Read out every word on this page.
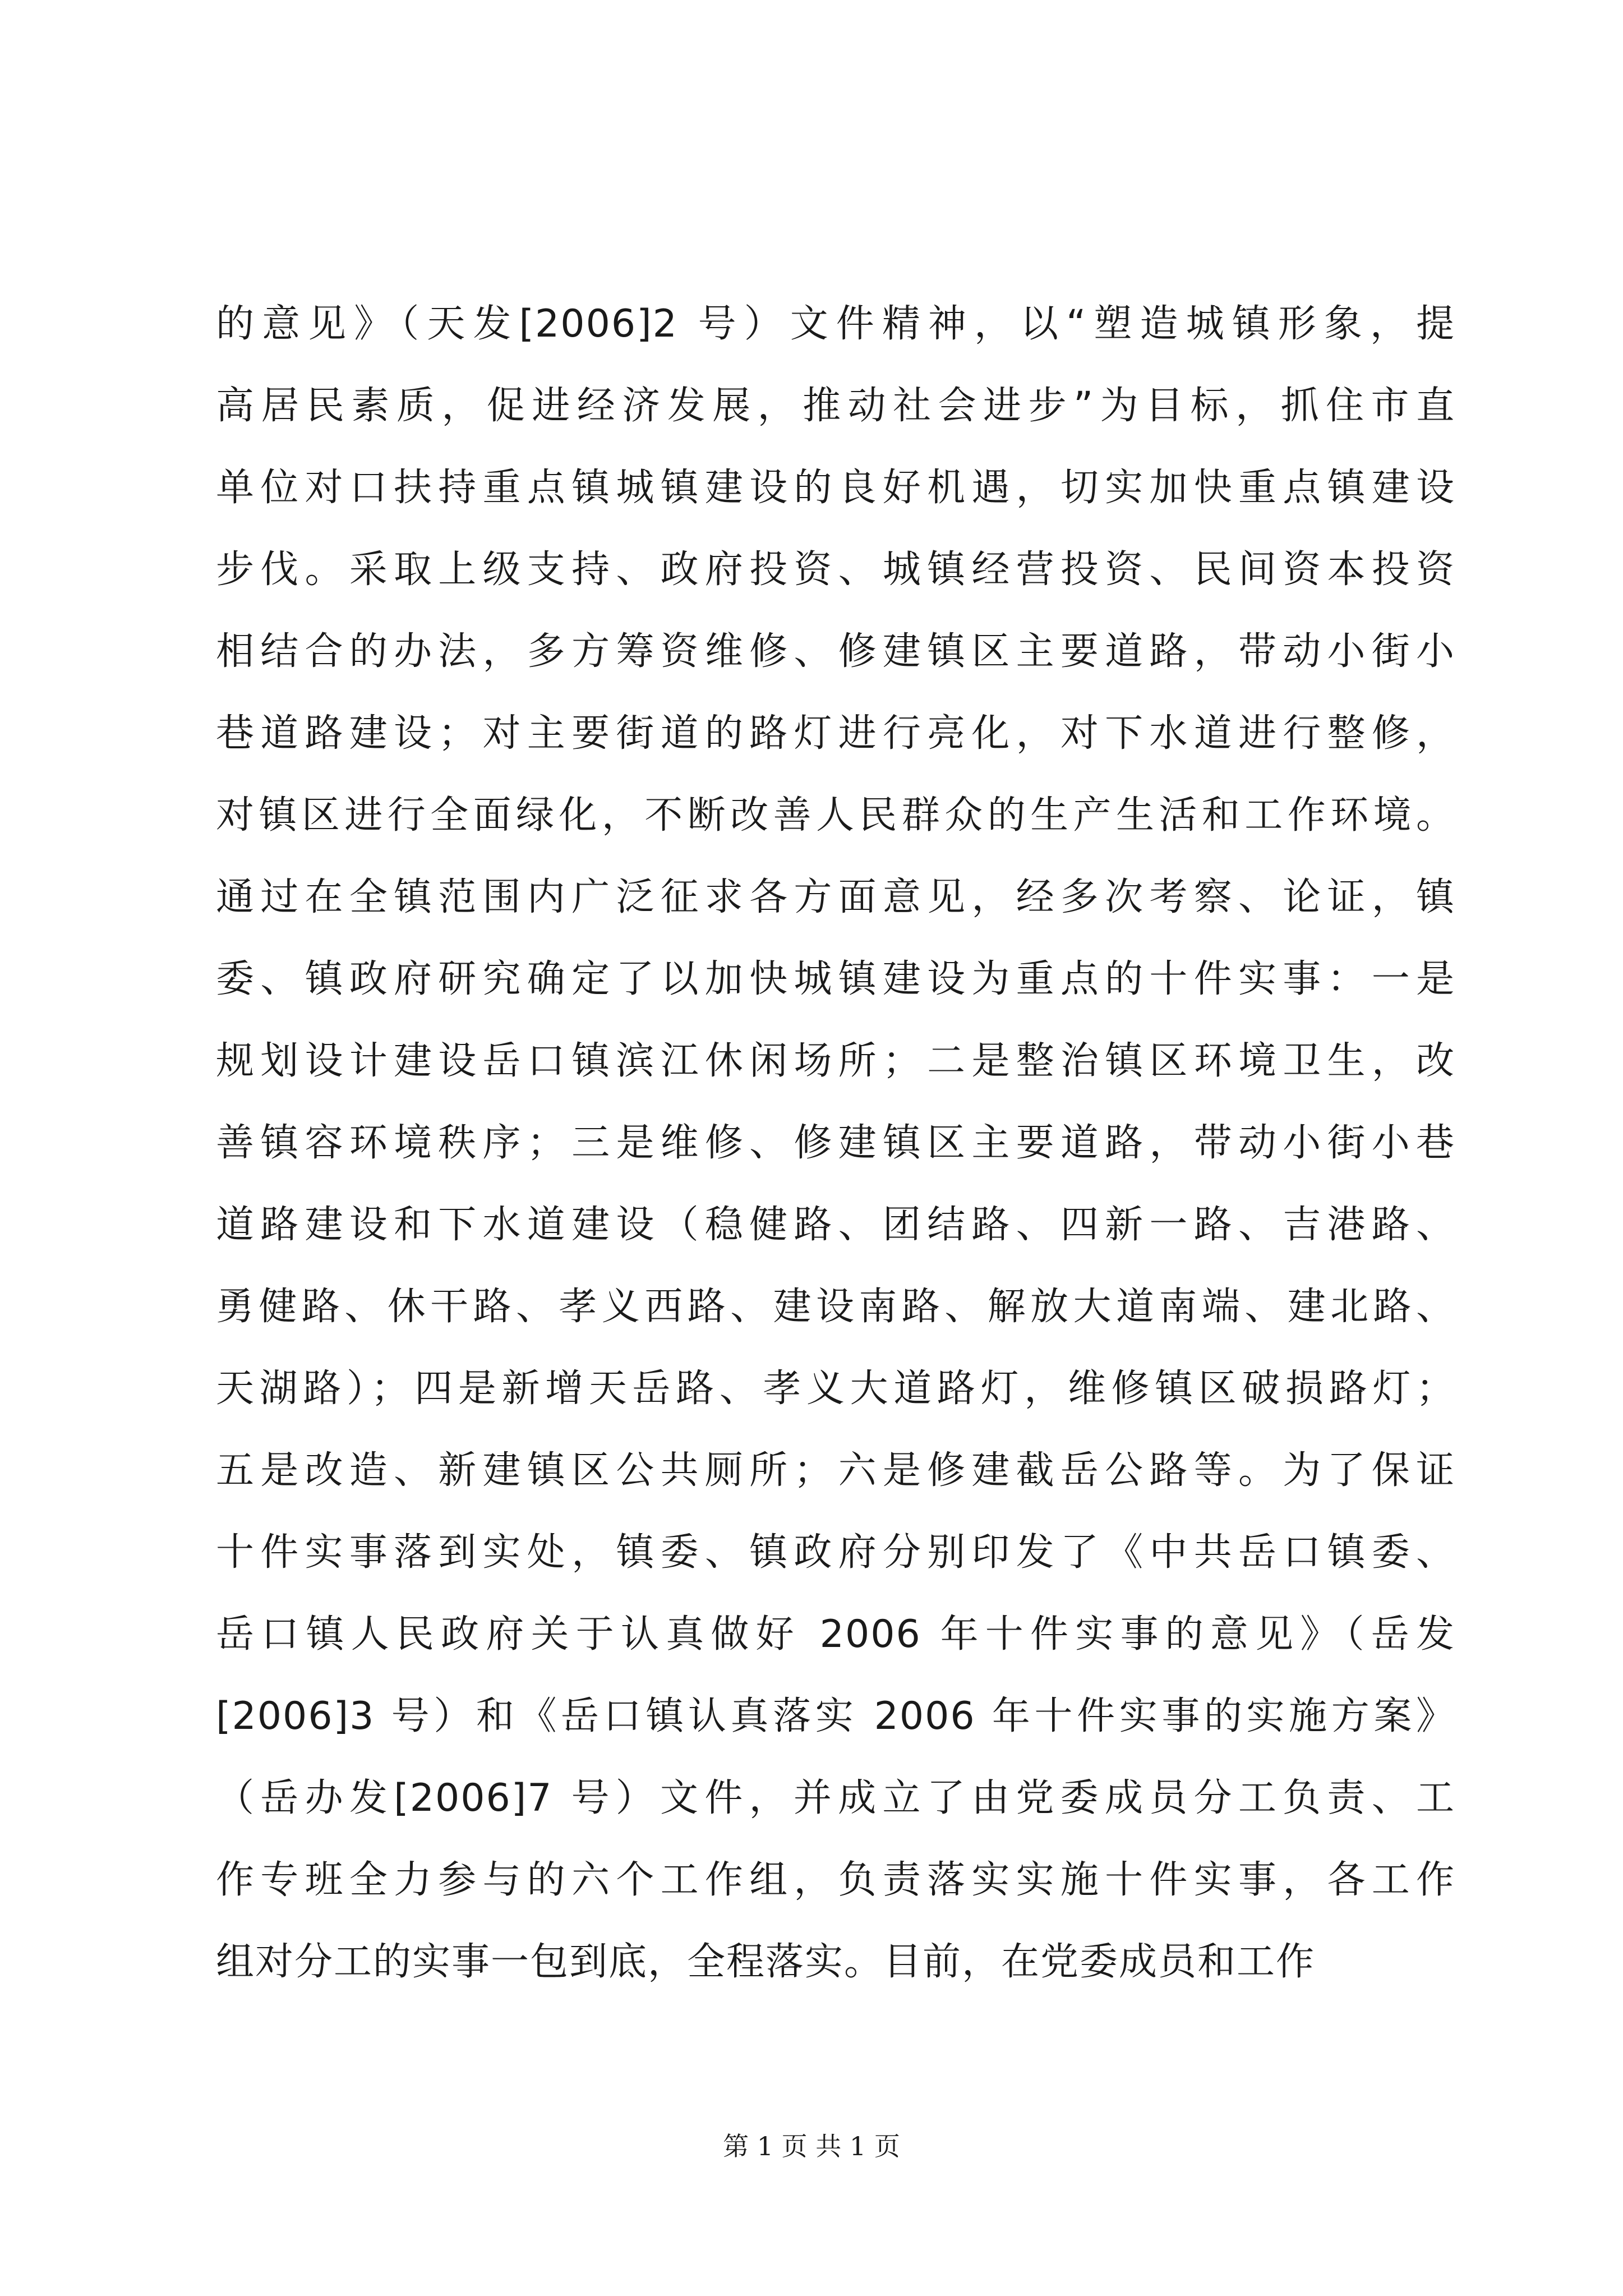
的意见》（天发[2006]2 号）文件精神，以“塑造城镇形象，提
高居民素质，促进经济发展，推动社会进步”为目标，抓住市直
单位对口扶持重点镇城镇建设的良好机遇，切实加快重点镇建设
步伐。采取上级支持、政府投资、城镇经营投资、民间资本投资
相结合的办法，多方筹资维修、修建镇区主要道路，带动小街小
巷道路建设；对主要街道的路灯进行亮化，对下水道进行整修，
对镇区进行全面绿化，不断改善人民群众的生产生活和工作环境。
通过在全镇范围内广泛征求各方面意见，经多次考察、论证，镇
委、镇政府研究确定了以加快城镇建设为重点的十件实事：一是
规划设计建设岳口镇滨江休闲场所；二是整治镇区环境卫生，改
善镇容环境秩序；三是维修、修建镇区主要道路，带动小街小巷
道路建设和下水道建设（稳健路、团结路、四新一路、吉港路、
勇健路、休干路、孝义西路、建设南路、解放大道南端、建北路、
天湖路）；四是新增天岳路、孝义大道路灯，维修镇区破损路灯；
五是改造、新建镇区公共厕所；六是修建截岳公路等。为了保证
十件实事落到实处，镇委、镇政府分别印发了《中共岳口镇委、
岳口镇人民政府关于认真做好 2006 年十件实事的意见》（岳发
[2006]3 号）和《岳口镇认真落实 2006 年十件实事的实施方案》
（岳办发[2006]7 号）文件，并成立了由党委成员分工负责、工
作专班全力参与的六个工作组，负责落实实施十件实事，各工作
组对分工的实事一包到底，全程落实。目前，在党委成员和工作
第 1 页 共 1 页
